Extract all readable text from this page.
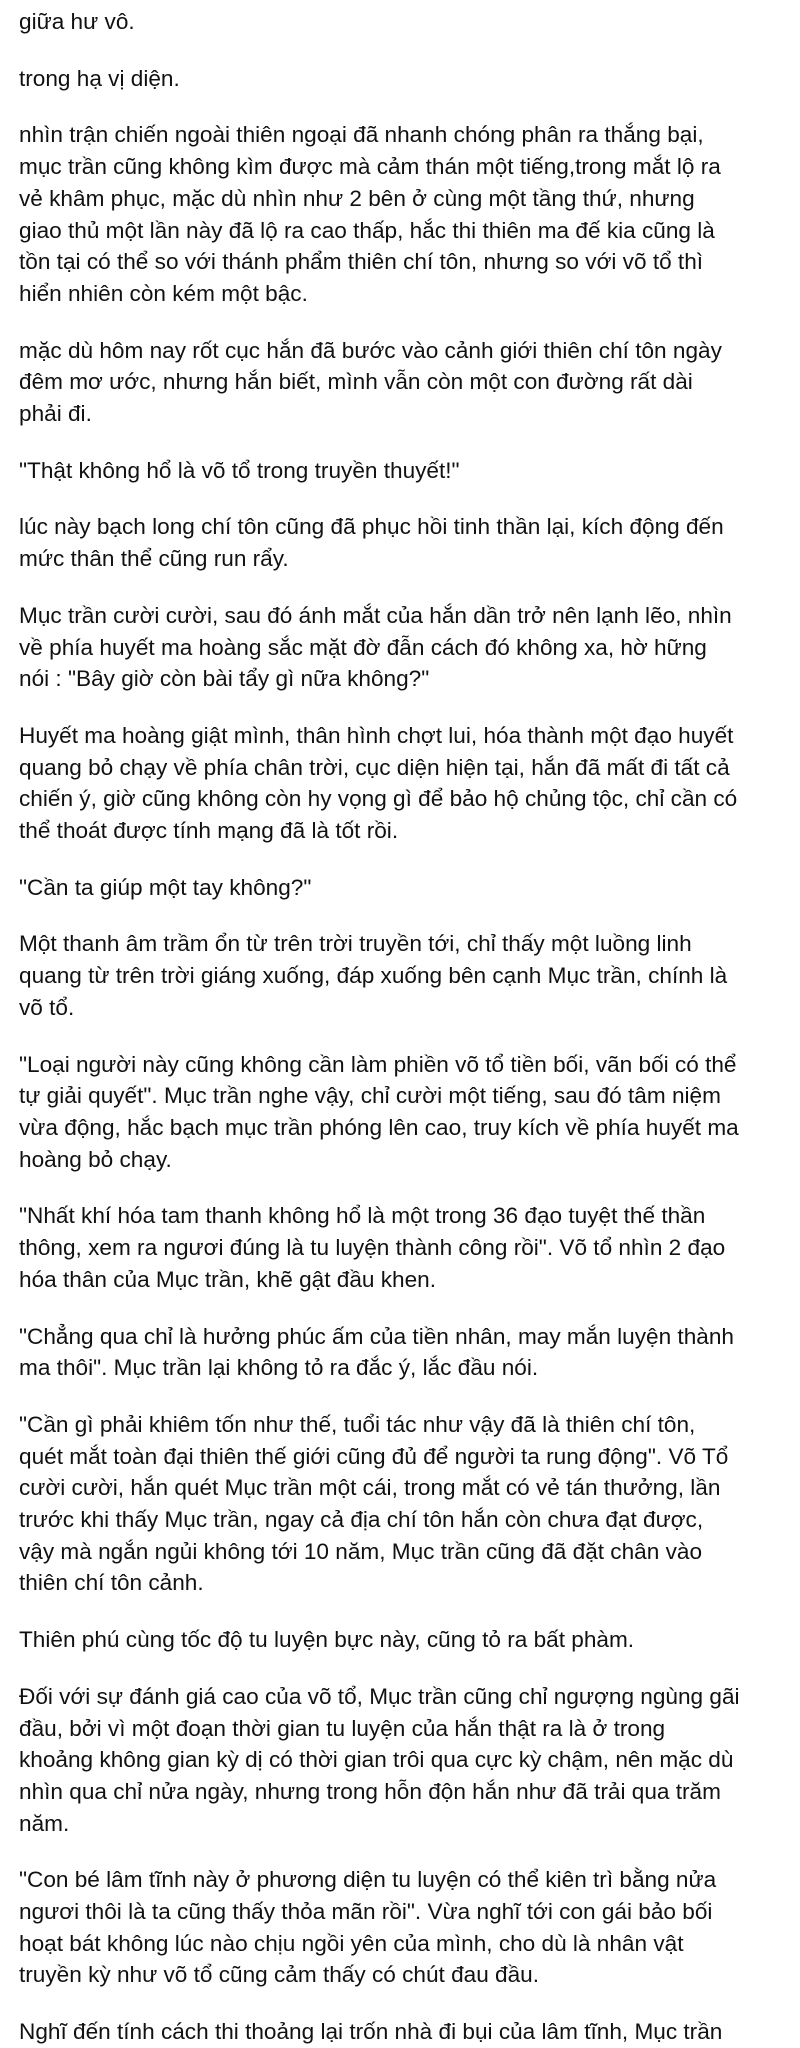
giữa hư vô.

trong hạ vị diện.

nhìn trận chiến ngoài thiên ngoại đã nhanh chóng phân ra thắng bại,
mục trần cũng không kìm được mà cảm thán một tiếng,trong mắt lộ ra
vẻ khâm phục, mặc dù nhìn như 2 bên ở cùng một tầng thứ, nhưng
giao thủ một lần này đã lộ ra cao thấp, hắc thi thiên ma đế kia cũng là
tồn tại có thể so với thánh phẩm thiên chí tôn, nhưng so với võ tổ thì
hiển nhiên còn kém một bậc.

mặc dù hôm nay rốt cục hắn đã bước vào cảnh giới thiên chí tôn ngày
đêm mơ ước, nhưng hắn biết, mình vẫn còn một con đường rất dài
phải đi.

"Thật không hổ là võ tổ trong truyền thuyết!"

lúc này bạch long chí tôn cũng đã phục hồi tinh thần lại, kích động đến
mức thân thể cũng run rẩy.

Mục trần cười cười, sau đó ánh mắt của hắn dần trở nên lạnh lẽo, nhìn
về phía huyết ma hoàng sắc mặt đờ đẫn cách đó không xa, hờ hững
nói : "Bây giờ còn bài tẩy gì nữa không?"

Huyết ma hoàng giật mình, thân hình chợt lui, hóa thành một đạo huyết
quang bỏ chạy về phía chân trời, cục diện hiện tại, hắn đã mất đi tất cả
chiến ý, giờ cũng không còn hy vọng gì để bảo hộ chủng tộc, chỉ cần có
thể thoát được tính mạng đã là tốt rồi.

"Cần ta giúp một tay không?"

Một thanh âm trầm ổn từ trên trời truyền tới, chỉ thấy một luồng linh
quang từ trên trời giáng xuống, đáp xuống bên cạnh Mục trần, chính là
võ tổ.

"Loại người này cũng không cần làm phiền võ tổ tiền bối, vãn bối có thể
tự giải quyết". Mục trần nghe vậy, chỉ cười một tiếng, sau đó tâm niệm
vừa động, hắc bạch mục trần phóng lên cao, truy kích về phía huyết ma
hoàng bỏ chạy.

"Nhất khí hóa tam thanh không hổ là một trong 36 đạo tuyệt thế thần
thông, xem ra ngươi đúng là tu luyện thành công rồi". Võ tổ nhìn 2 đạo
hóa thân của Mục trần, khẽ gật đầu khen.

"Chẳng qua chỉ là hưởng phúc ấm của tiền nhân, may mắn luyện thành
ma thôi". Mục trần lại không tỏ ra đắc ý, lắc đầu nói.

"Cần gì phải khiêm tốn như thế, tuổi tác như vậy đã là thiên chí tôn,
quét mắt toàn đại thiên thế giới cũng đủ để người ta rung động". Võ Tổ
cười cười, hắn quét Mục trần một cái, trong mắt có vẻ tán thưởng, lần
trước khi thấy Mục trần, ngay cả địa chí tôn hắn còn chưa đạt được,
vậy mà ngắn ngủi không tới 10 năm, Mục trần cũng đã đặt chân vào
thiên chí tôn cảnh.

Thiên phú cùng tốc độ tu luyện bực này, cũng tỏ ra bất phàm.

Đối với sự đánh giá cao của võ tổ, Mục trần cũng chỉ ngượng ngùng gãi
đầu, bởi vì một đoạn thời gian tu luyện của hắn thật ra là ở trong
khoảng không gian kỳ dị có thời gian trôi qua cực kỳ chậm, nên mặc dù
nhìn qua chỉ nửa ngày, nhưng trong hỗn độn hắn như đã trải qua trăm
năm.

"Con bé lâm tĩnh này ở phương diện tu luyện có thể kiên trì bằng nửa
ngươi thôi là ta cũng thấy thỏa mãn rồi". Vừa nghĩ tới con gái bảo bối
hoạt bát không lúc nào chịu ngồi yên của mình, cho dù là nhân vật
truyền kỳ như võ tổ cũng cảm thấy có chút đau đầu.

Nghĩ đến tính cách thi thoảng lại trốn nhà đi bụi của lâm tĩnh, Mục trần
